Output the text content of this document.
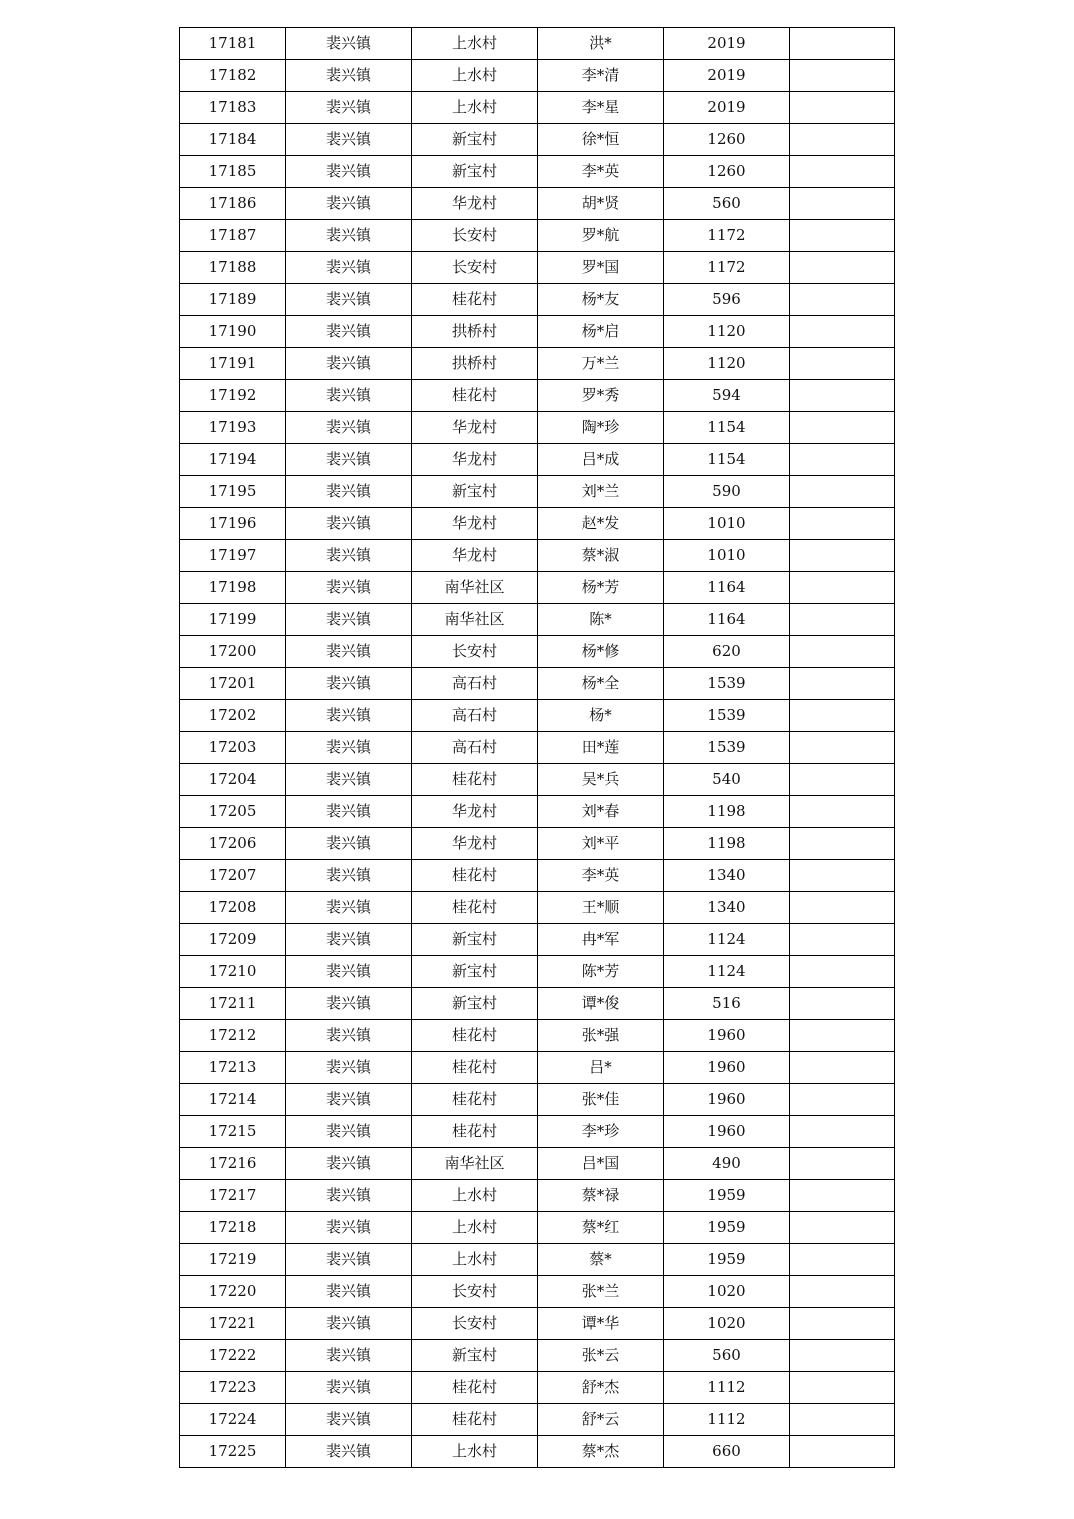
17181	裴兴镇	上水村	洪*	2019	
17182	裴兴镇	上水村	李*清	2019	
17183	裴兴镇	上水村	李*星	2019	
17184	裴兴镇	新宝村	徐*恒	1260	
17185	裴兴镇	新宝村	李*英	1260	
17186	裴兴镇	华龙村	胡*贤	560	
17187	裴兴镇	长安村	罗*航	1172	
17188	裴兴镇	长安村	罗*国	1172	
17189	裴兴镇	桂花村	杨*友	596	
17190	裴兴镇	拱桥村	杨*启	1120	
17191	裴兴镇	拱桥村	万*兰	1120	
17192	裴兴镇	桂花村	罗*秀	594	
17193	裴兴镇	华龙村	陶*珍	1154	
17194	裴兴镇	华龙村	吕*成	1154	
17195	裴兴镇	新宝村	刘*兰	590	
17196	裴兴镇	华龙村	赵*发	1010	
17197	裴兴镇	华龙村	蔡*淑	1010	
17198	裴兴镇	南华社区	杨*芳	1164	
17199	裴兴镇	南华社区	陈*	1164	
17200	裴兴镇	长安村	杨*修	620	
17201	裴兴镇	高石村	杨*全	1539	
17202	裴兴镇	高石村	杨*	1539	
17203	裴兴镇	高石村	田*莲	1539	
17204	裴兴镇	桂花村	吴*兵	540	
17205	裴兴镇	华龙村	刘*春	1198	
17206	裴兴镇	华龙村	刘*平	1198	
17207	裴兴镇	桂花村	李*英	1340	
17208	裴兴镇	桂花村	王*顺	1340	
17209	裴兴镇	新宝村	冉*军	1124	
17210	裴兴镇	新宝村	陈*芳	1124	
17211	裴兴镇	新宝村	谭*俊	516	
17212	裴兴镇	桂花村	张*强	1960	
17213	裴兴镇	桂花村	吕*	1960	
17214	裴兴镇	桂花村	张*佳	1960	
17215	裴兴镇	桂花村	李*珍	1960	
17216	裴兴镇	南华社区	吕*国	490	
17217	裴兴镇	上水村	蔡*禄	1959	
17218	裴兴镇	上水村	蔡*红	1959	
17219	裴兴镇	上水村	蔡*	1959	
17220	裴兴镇	长安村	张*兰	1020	
17221	裴兴镇	长安村	谭*华	1020	
17222	裴兴镇	新宝村	张*云	560	
17223	裴兴镇	桂花村	舒*杰	1112	
17224	裴兴镇	桂花村	舒*云	1112	
17225	裴兴镇	上水村	蔡*杰	660	
